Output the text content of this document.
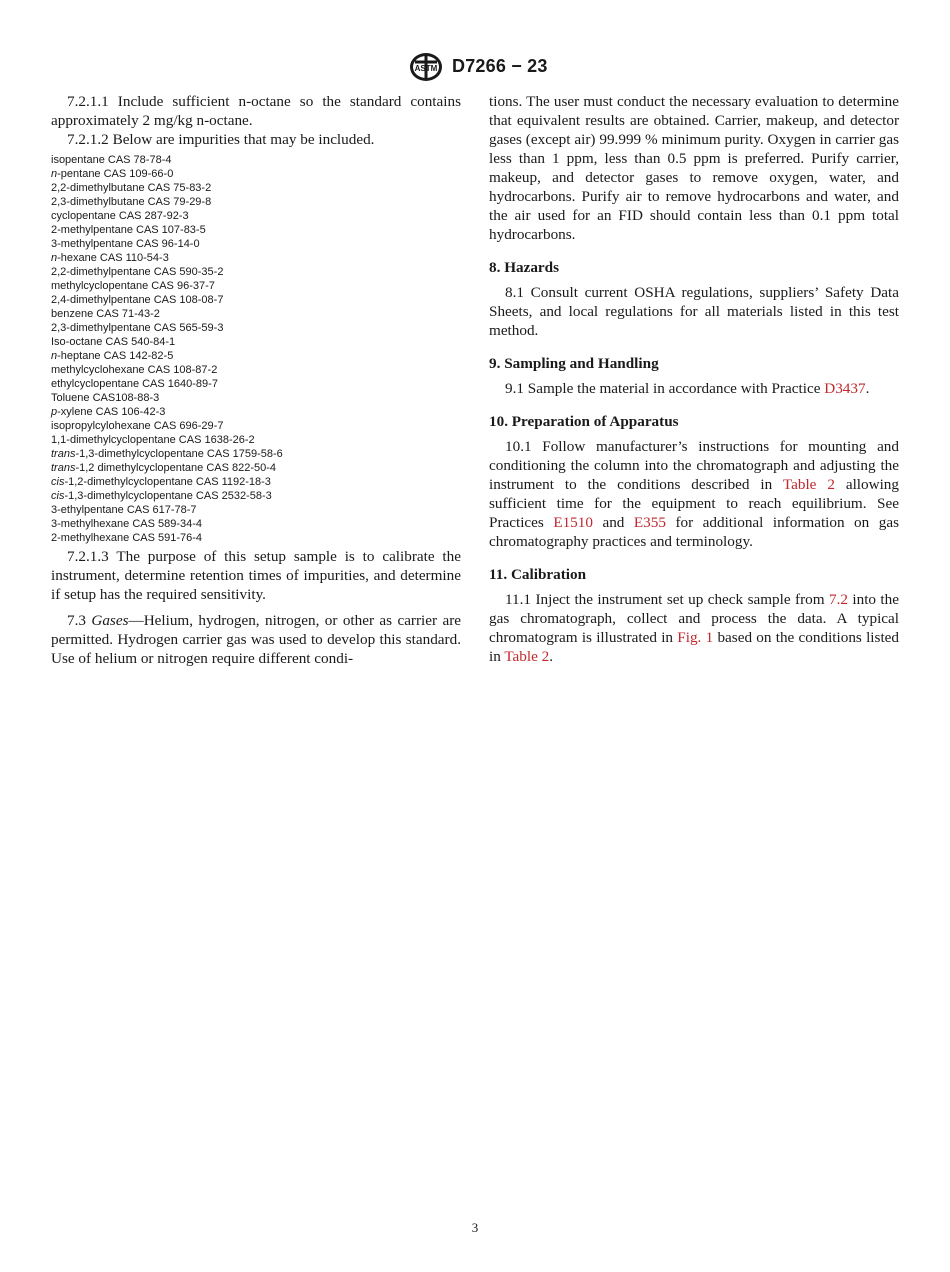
ASTM D7266 − 23

7.2.1.1 Include sufficient n-octane so the standard contains approximately 2 mg/kg n-octane.

7.2.1.2 Below are impurities that may be included.

isopentane CAS 78-78-4
n-pentane CAS 109-66-0
2,2-dimethylbutane CAS 75-83-2
2,3-dimethylbutane CAS 79-29-8
cyclopentane CAS 287-92-3
2-methylpentane CAS 107-83-5
3-methylpentane CAS 96-14-0
n-hexane CAS 110-54-3
2,2-dimethylpentane CAS 590-35-2
methylcyclopentane CAS 96-37-7
2,4-dimethylpentane CAS 108-08-7
benzene CAS 71-43-2
2,3-dimethylpentane CAS 565-59-3
Iso-octane CAS 540-84-1
n-heptane CAS 142-82-5
methylcyclohexane CAS 108-87-2
ethylcyclopentane CAS 1640-89-7
Toluene CAS108-88-3
p-xylene CAS 106-42-3
isopropylcylohexane CAS 696-29-7
1,1-dimethylcyclopentane CAS 1638-26-2
trans-1,3-dimethylcyclopentane CAS 1759-58-6
trans-1,2 dimethylcyclopentane CAS 822-50-4
cis-1,2-dimethylcyclopentane CAS 1192-18-3
cis-1,3-dimethylcyclopentane CAS 2532-58-3
3-ethylpentane CAS 617-78-7
3-methylhexane CAS 589-34-4
2-methylhexane CAS 591-76-4

7.2.1.3 The purpose of this setup sample is to calibrate the instrument, determine retention times of impurities, and determine if setup has the required sensitivity.

7.3 Gases—Helium, hydrogen, nitrogen, or other as carrier are permitted. Hydrogen carrier gas was used to develop this standard. Use of helium or nitrogen require different condi-

tions. The user must conduct the necessary evaluation to determine that equivalent results are obtained. Carrier, makeup, and detector gases (except air) 99.999 % minimum purity. Oxygen in carrier gas less than 1 ppm, less than 0.5 ppm is preferred. Purify carrier, makeup, and detector gases to remove oxygen, water, and hydrocarbons. Purify air to remove hydrocarbons and water, and the air used for an FID should contain less than 0.1 ppm total hydrocarbons.

8. Hazards

8.1 Consult current OSHA regulations, suppliers’ Safety Data Sheets, and local regulations for all materials listed in this test method.

9. Sampling and Handling

9.1 Sample the material in accordance with Practice D3437.

10. Preparation of Apparatus

10.1 Follow manufacturer’s instructions for mounting and conditioning the column into the chromatograph and adjusting the instrument to the conditions described in Table 2 allowing sufficient time for the equipment to reach equilibrium. See Practices E1510 and E355 for additional information on gas chromatography practices and terminology.

11. Calibration

11.1 Inject the instrument set up check sample from 7.2 into the gas chromatograph, collect and process the data. A typical chromatogram is illustrated in Fig. 1 based on the conditions listed in Table 2.

3
